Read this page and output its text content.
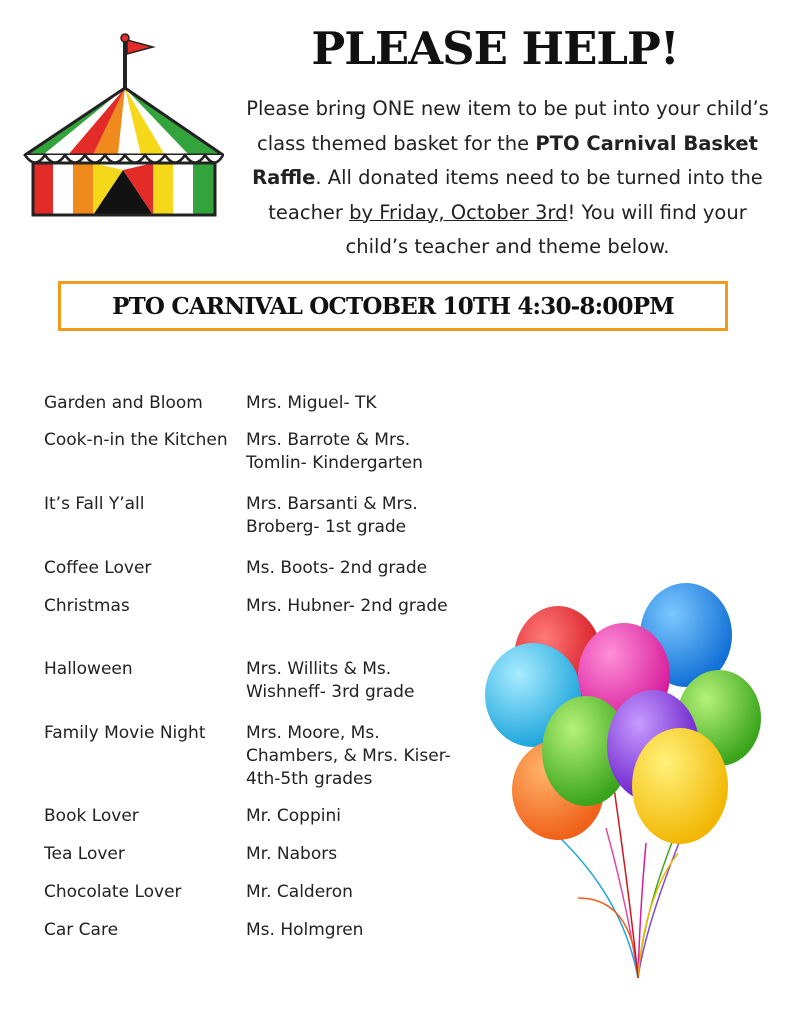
PLEASE HELP!
Please bring ONE new item to be put into your child’s class themed basket for the PTO Carnival Basket Raffle. All donated items need to be turned into the teacher by Friday, October 3rd! You will find your child’s teacher and theme below.
PTO CARNIVAL OCTOBER 10TH 4:30-8:00PM
Garden and Bloom	Mrs. Miguel- TK
Cook-n-in the Kitchen	Mrs. Barrote & Mrs. Tomlin- Kindergarten
It’s Fall Y’all	Mrs. Barsanti & Mrs. Broberg- 1st grade
Coffee Lover	Ms. Boots- 2nd grade
Christmas	Mrs. Hubner- 2nd grade
Halloween	Mrs. Willits & Ms. Wishneff- 3rd grade
Family Movie Night	Mrs. Moore, Ms. Chambers, & Mrs. Kiser- 4th-5th grades
Book Lover	Mr. Coppini
Tea Lover	Mr. Nabors
Chocolate Lover	Mr. Calderon
Car Care	Ms. Holmgren
